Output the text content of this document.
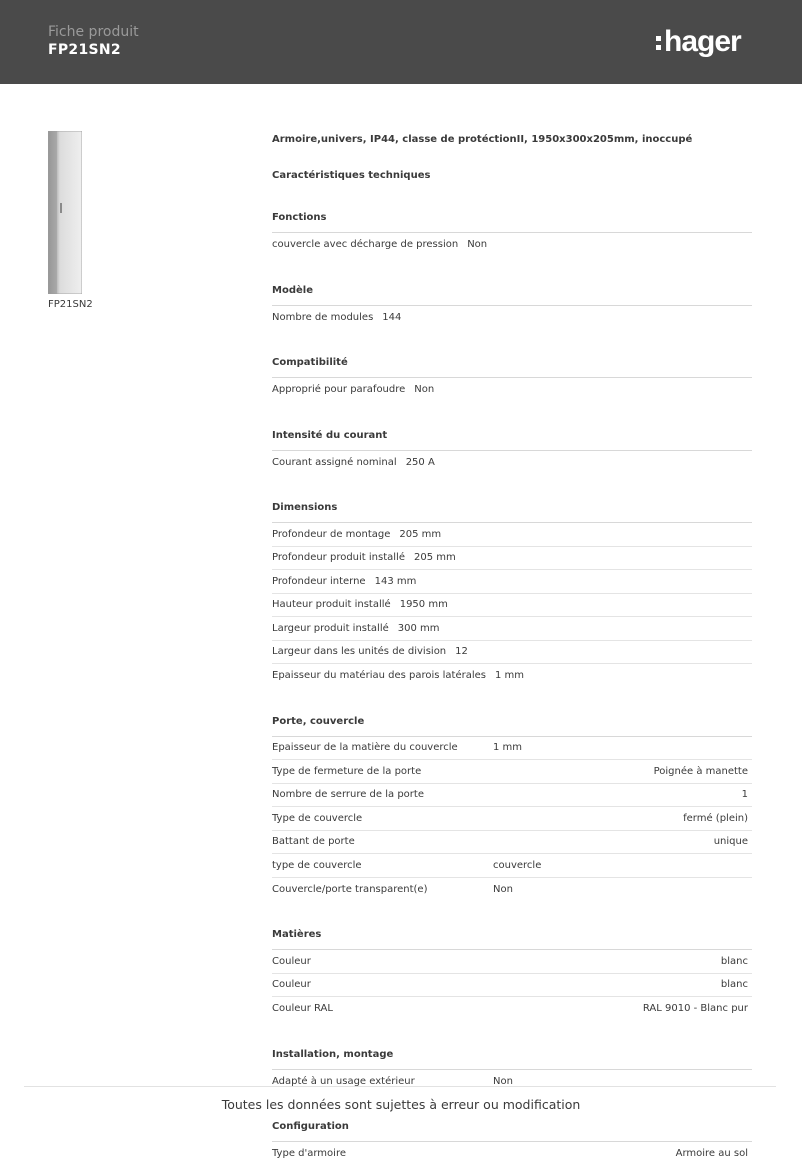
Fiche produit
FP21SN2	hager
FP21SN2
Armoire,univers, IP44, classe de protéctionII, 1950x300x205mm, inoccupé
Caractéristiques techniques
Fonctions
couvercle avec décharge de pression Non
Modèle
Nombre de modules 144
Compatibilité
Approprié pour parafoudre Non
Intensité du courant
Courant assigné nominal 250 A
Dimensions
Profondeur de montage 205 mm
Profondeur produit installé 205 mm
Profondeur interne 143 mm
Hauteur produit installé 1950 mm
Largeur produit installé 300 mm
Largeur dans les unités de division 12
Epaisseur du matériau des parois latérales 1 mm
Porte, couvercle
Epaisseur de la matière du couvercle	1 mm
Type de fermeture de la porte	Poignée à manette
Nombre de serrure de la porte	1
Type de couvercle	fermé (plein)
Battant de porte	unique
type de couvercle	couvercle
Couvercle/porte transparent(e)	Non
Matières
Couleur	blanc
Couleur	blanc
Couleur RAL	RAL 9010 - Blanc pur
Installation, montage
Adapté à un usage extérieur	Non
Configuration
Type d'armoire	Armoire au sol
Toutes les données sont sujettes à erreur ou modification
